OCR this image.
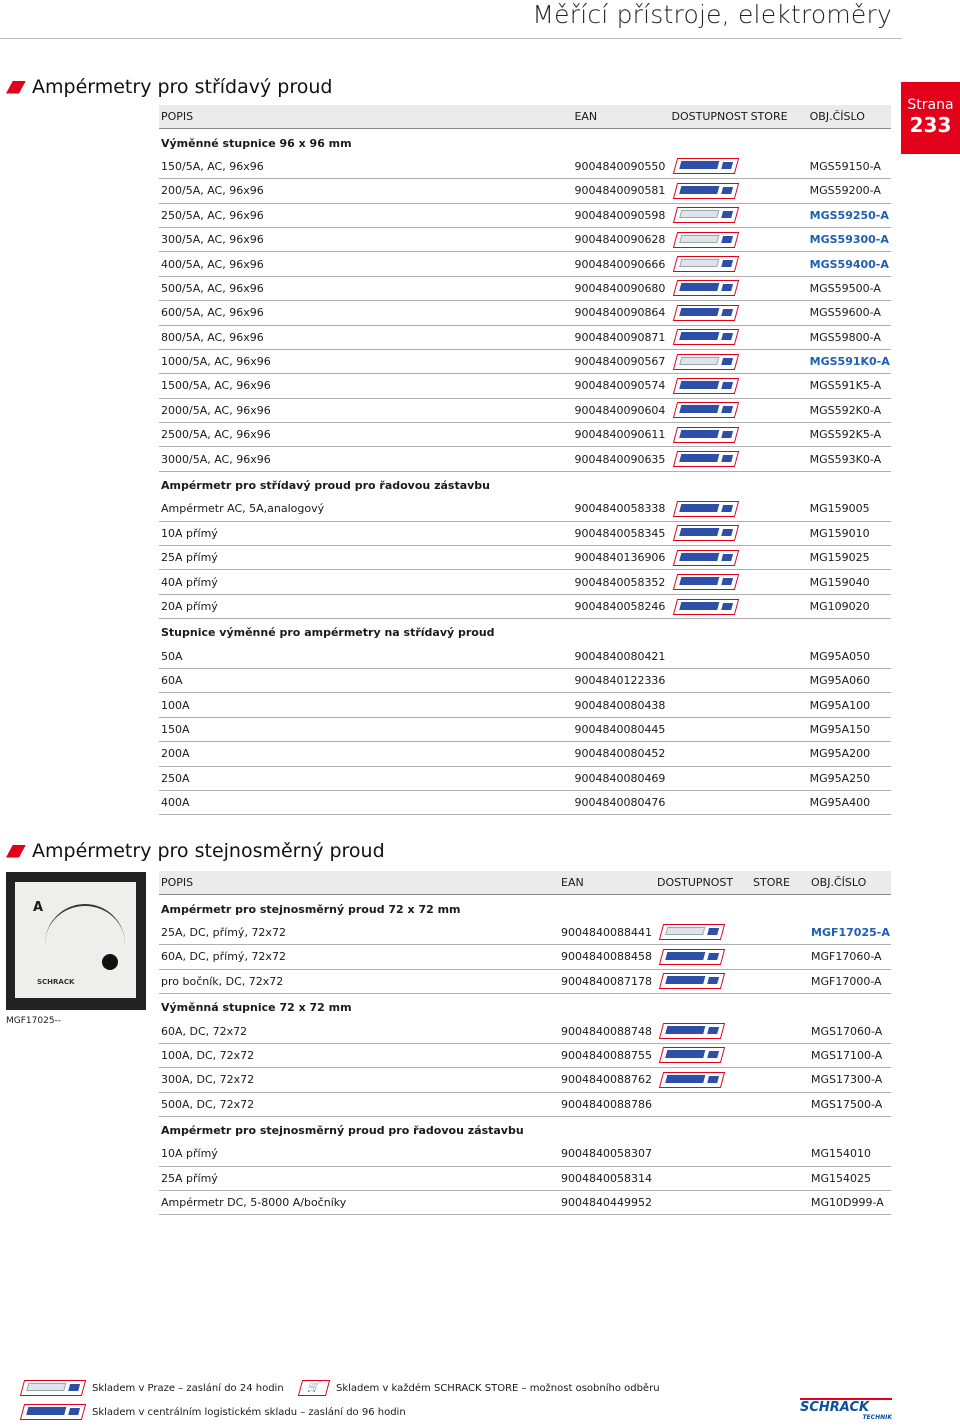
Měřící přístroje, elektroměry
Strana
233
Ampérmetry pro střídavý proud
POPIS	EAN	DOSTUPNOST	STORE	OBJ.ČÍSLO
Výměnné stupnice 96 x 96 mm				
150/5A, AC, 96x96	9004840090550			MGS59150-A
200/5A, AC, 96x96	9004840090581			MGS59200-A
250/5A, AC, 96x96	9004840090598			MGS59250-A
300/5A, AC, 96x96	9004840090628			MGS59300-A
400/5A, AC, 96x96	9004840090666			MGS59400-A
500/5A, AC, 96x96	9004840090680			MGS59500-A
600/5A, AC, 96x96	9004840090864			MGS59600-A
800/5A, AC, 96x96	9004840090871			MGS59800-A
1000/5A, AC, 96x96	9004840090567			MGS591K0-A
1500/5A, AC, 96x96	9004840090574			MGS591K5-A
2000/5A, AC, 96x96	9004840090604			MGS592K0-A
2500/5A, AC, 96x96	9004840090611			MGS592K5-A
3000/5A, AC, 96x96	9004840090635			MGS593K0-A
Ampérmetr pro střídavý proud pro řadovou zástavbu				
Ampérmetr AC, 5A,analogový	9004840058338			MG159005
10A přímý	9004840058345			MG159010
25A přímý	9004840136906			MG159025
40A přímý	9004840058352			MG159040
20A přímý	9004840058246			MG109020
Stupnice výměnné pro ampérmetry na střídavý proud				
50A	9004840080421			MG95A050
60A	9004840122336			MG95A060
100A	9004840080438			MG95A100
150A	9004840080445			MG95A150
200A	9004840080452			MG95A200
250A	9004840080469			MG95A250
400A	9004840080476			MG95A400
Ampérmetry pro stejnosměrný proud
A
SCHRACK
MGF17025--
POPIS	EAN	DOSTUPNOST	STORE	OBJ.ČÍSLO
Ampérmetr pro stejnosměrný proud 72 x 72 mm				
25A, DC, přímý, 72x72	9004840088441			MGF17025-A
60A, DC, přímý, 72x72	9004840088458			MGF17060-A
pro bočník, DC, 72x72	9004840087178			MGF17000-A
Výměnná stupnice 72 x 72 mm				
60A, DC, 72x72	9004840088748			MGS17060-A
100A, DC, 72x72	9004840088755			MGS17100-A
300A, DC, 72x72	9004840088762			MGS17300-A
500A, DC, 72x72	9004840088786			MGS17500-A
Ampérmetr pro stejnosměrný proud pro řadovou zástavbu				
10A přímý	9004840058307			MG154010
25A přímý	9004840058314			MG154025
Ampérmetr DC, 5-8000 A/bočníky	9004840449952			MG10D999-A
Skladem v Praze – zaslání do 24 hodin	🛒	Skladem v každém SCHRACK STORE – možnost osobního odběru
Skladem v centrálním logistickém skladu – zaslání do 96 hodin	SCHRACK
TECHNIK
